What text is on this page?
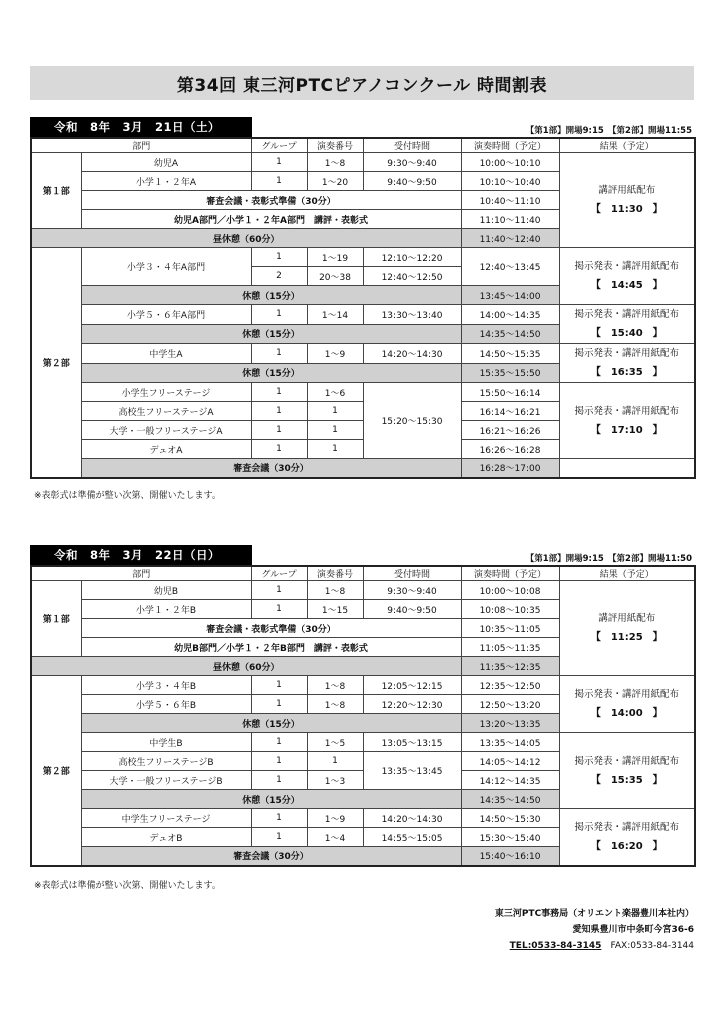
第34回 東三河PTCピアノコンクール 時間割表
令和　8年　3月　21日（土）	【第1部】開場9:15　【第2部】開場11:55
部門		グループ	演奏番号	受付時間	演奏時間（予定）	結果（予定）
第１部	幼児A	1	1〜8	9:30〜9:40	10:00〜10:10	講評用紙配布
【　11:30　】

	小学１・２年A	1	1〜20	9:40〜9:50	10:10〜10:40	
	審査会議・表彰式準備（30分）				10:40〜11:10	
	幼児A部門／小学１・２年A部門　講評・表彰式				11:10〜11:40	
昼休憩（60分）					11:40〜12:40	
第２部	小学３・４年A部門	1	1〜19	12:10〜12:20	12:40〜13:45	掲示発表・講評用紙配布
【　14:45　】

		2	20〜38	12:40〜12:50		
	休憩（15分）				13:45〜14:00	
	小学５・６年A部門	1	1〜14	13:30〜13:40	14:00〜14:35	掲示発表・講評用紙配布
【　15:40　】

	休憩（15分）				14:35〜14:50	
	中学生A	1	1〜9	14:20〜14:30	14:50〜15:35	掲示発表・講評用紙配布
【　16:35　】

	休憩（15分）				15:35〜15:50	
	小学生フリーステージ	1	1〜6	15:20〜15:30	15:50〜16:14	掲示発表・講評用紙配布
【　17:10　】

	高校生フリーステージA	1	1		16:14〜16:21	
	大学・一般フリーステージA	1	1		16:21〜16:26	
	デュオA	1	1		16:26〜16:28	
	審査会議（30分）				16:28〜17:00	
※表彰式は準備が整い次第、開催いたします。
令和　8年　3月　22日（日）	【第1部】開場9:15　【第2部】開場11:50
部門		グループ	演奏番号	受付時間	演奏時間（予定）	結果（予定）
第１部	幼児B	1	1〜8	9:30〜9:40	10:00〜10:08	講評用紙配布
【　11:25　】

	小学１・２年B	1	1〜15	9:40〜9:50	10:08〜10:35	
	審査会議・表彰式準備（30分）				10:35〜11:05	
	幼児B部門／小学１・２年B部門　講評・表彰式				11:05〜11:35	
昼休憩（60分）					11:35〜12:35	
第２部	小学３・４年B	1	1〜8	12:05〜12:15	12:35〜12:50	掲示発表・講評用紙配布
【　14:00　】

	小学５・６年B	1	1〜8	12:20〜12:30	12:50〜13:20	
	休憩（15分）				13:20〜13:35	
	中学生B	1	1〜5	13:05〜13:15	13:35〜14:05	掲示発表・講評用紙配布
【　15:35　】

	高校生フリーステージB	1	1	13:35〜13:45	14:05〜14:12	
	大学・一般フリーステージB	1	1〜3		14:12〜14:35	
	休憩（15分）				14:35〜14:50	
	中学生フリーステージ	1	1〜9	14:20〜14:30	14:50〜15:30	掲示発表・講評用紙配布
【　16:20　】

	デュオB	1	1〜4	14:55〜15:05	15:30〜15:40	
	審査会議（30分）				15:40〜16:10	
※表彰式は準備が整い次第、開催いたします。
東三河PTC事務局（オリエント楽器豊川本社内）
愛知県豊川市中条町今宮36-6
TEL:0533-84-3145 FAX:0533-84-3144
